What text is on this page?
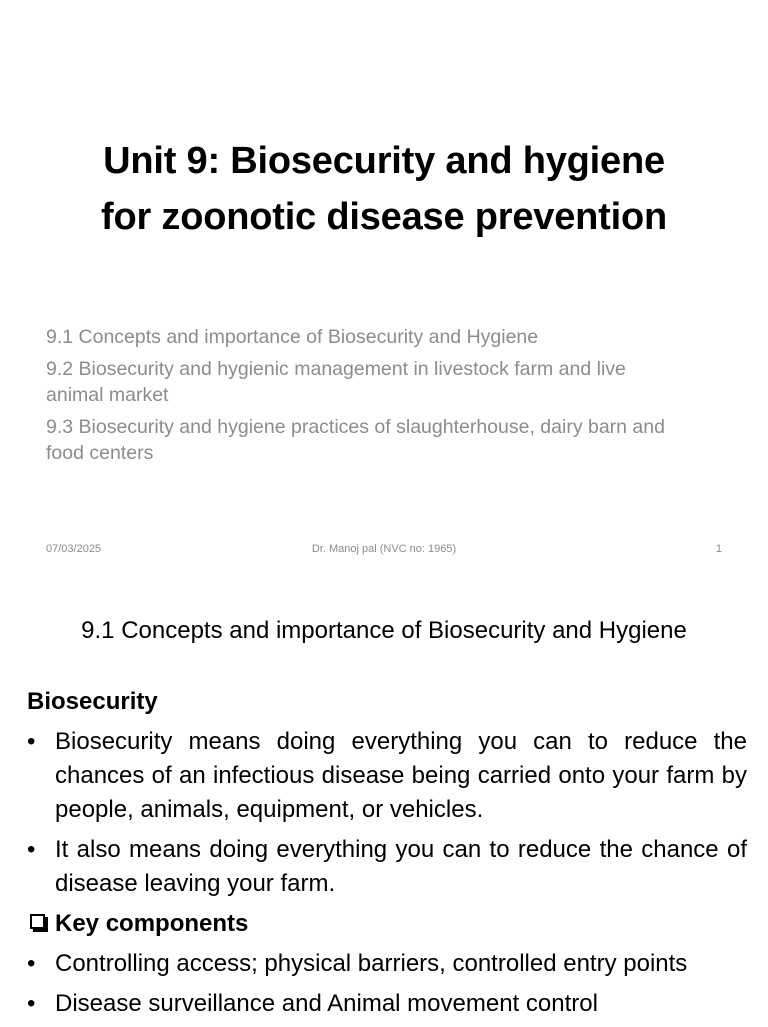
Unit 9: Biosecurity and hygiene
for zoonotic disease prevention
9.1 Concepts and importance of Biosecurity and Hygiene
9.2 Biosecurity and hygienic management in livestock farm and live animal market
9.3 Biosecurity and hygiene practices of slaughterhouse, dairy barn and food centers
07/03/2025	Dr. Manoj pal (NVC no: 1965)	1
9.1 Concepts and importance of Biosecurity and Hygiene
Biosecurity
• Biosecurity means doing everything you can to reduce the chances of an infectious disease being carried onto your farm by people, animals, equipment, or vehicles.
• It also means doing everything you can to reduce the chance of disease leaving your farm.
Key components
• Controlling access; physical barriers, controlled entry points
• Disease surveillance and Animal movement control
